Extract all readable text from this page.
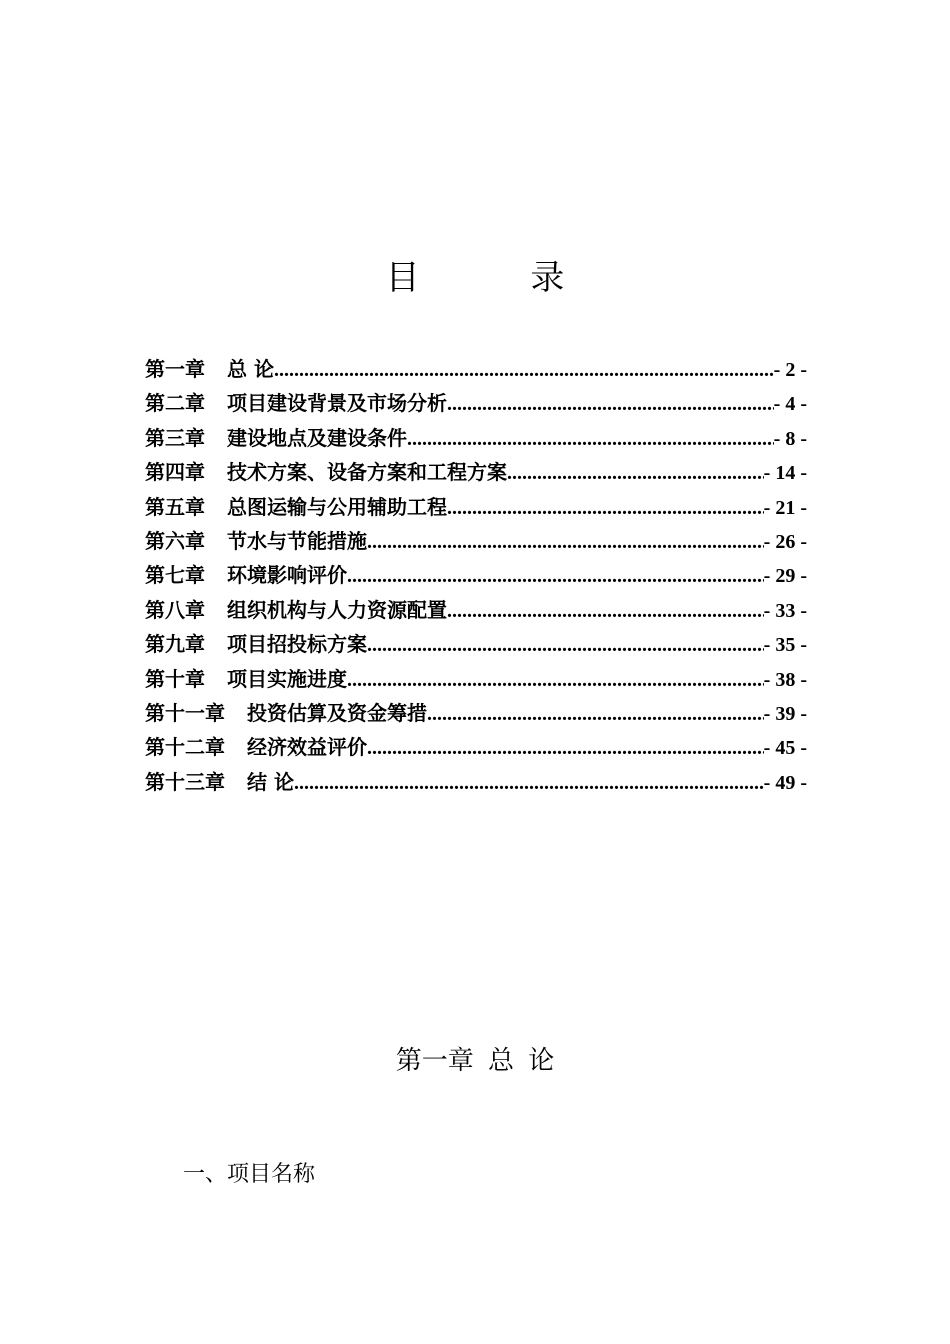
目 录
第一章 总 论 .....	- 2 -
第二章 项目建设背景及市场分析 .....	- 4 -
第三章 建设地点及建设条件 .....	- 8 -
第四章 技术方案、设备方案和工程方案 .....	- 14 -
第五章 总图运输与公用辅助工程 .....	- 21 -
第六章 节水与节能措施 .....	- 26 -
第七章 环境影响评价 .....	- 29 -
第八章 组织机构与人力资源配置 .....	- 33 -
第九章 项目招投标方案 .....	- 35 -
第十章 项目实施进度 .....	- 38 -
第十一章 投资估算及资金筹措 .....	- 39 -
第十二章 经济效益评价 .....	- 45 -
第十三章 结 论 .....	- 49 -
第一章 总 论
一、项目名称
